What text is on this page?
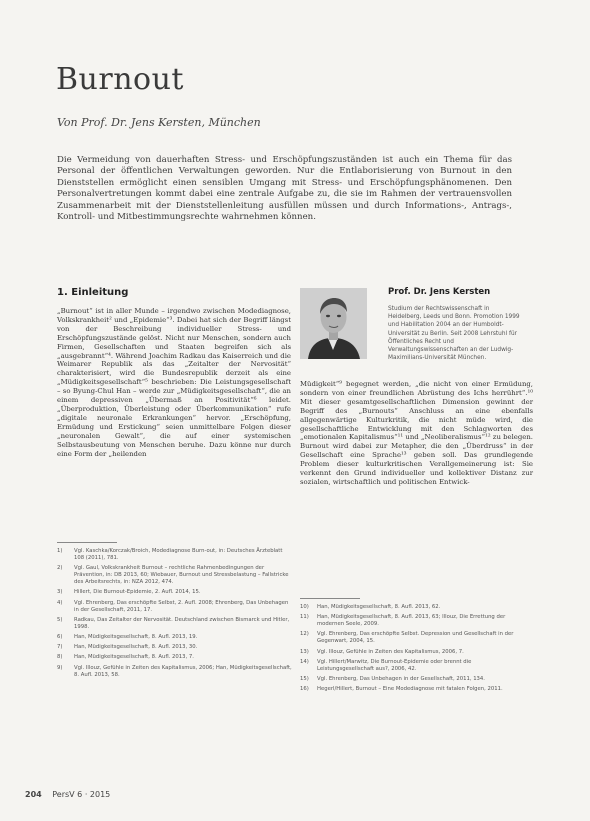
Burnout
Von Prof. Dr. Jens Kersten, München

Die Vermeidung von dauerhaften Stress- und Erschöpfungszuständen ist auch ein Thema für das Personal der öffentlichen Verwaltungen geworden. Nur die Entlaborisierung von Burnout in den Dienststellen ermöglicht einen sensiblen Umgang mit Stress- und Erschöpfungsphänomenen. Den Personalvertretungen kommt dabei eine zentrale Aufgabe zu, die sie im Rahmen der vertrauensvollen Zusammenarbeit mit der Dienststellenleitung ausfüllen müssen und durch Informations-, Antrags-, Kontroll- und Mitbestimmungsrechte wahrnehmen können.

1. Einleitung	Prof. Dr. Jens Kersten
Studium der Rechtswissenschaft in Heidelberg, Leeds und Bonn. Promotion 1999 und Habilitation 2004 an der Humboldt-Universität zu Berlin. Seit 2008 Lehrstuhl für Öffentliches Recht und Verwaltungswissenschaften an der Ludwig-Maximilians-Universität München.

„Burnout“ ist in aller Munde – irgendwo zwischen Modediagnose, Volkskrankheit² und „Epidemie“³. Dabei hat sich der Begriff längst von der Beschreibung individueller Stress- und Erschöpfungszustände gelöst. Nicht nur Menschen, sondern auch Firmen, Gesellschaften und Staaten begreifen sich als „ausgebrannt“⁴. Während Joachim Radkau das Kaiserreich und die Weimarer Republik als das „Zeitalter der Nervosität“ charakterisiert, wird die Bundesrepublik derzeit als eine „Müdigkeitsgesellschaft“⁵ beschrieben: Die Leistungsgesellschaft – so Byung-Chul Han – werde zur „Müdigkeitsgesellschaft“, die an einem depressiven „Übermaß an Positivität“⁶ leidet. „Überproduktion, Überleistung oder Überkommunikation“ rufe „digitale neuronale Erkrankungen“ hervor. „Erschöpfung, Ermüdung und Erstickung“ seien unmittelbare Folgen dieser „neuronalen Gewalt“, die auf einer systemischen Selbstausbeutung von Menschen beruhe. Dazu könne nur durch eine Form der „heilenden

Müdigkeit“⁹ begegnet werden, „die nicht von einer Ermüdung, sondern von einer freundlichen Abrüstung des Ichs herrührt“.¹⁰ Mit dieser gesamtgesellschaftlichen Dimension gewinnt der Begriff des „Burnouts“ Anschluss an eine ebenfalls allgegenwärtige Kulturkritik, die nicht müde wird, die gesellschaftliche Entwicklung mit den Schlagworten des „emotionalen Kapitalismus“¹¹ und „Neoliberalismus“¹² zu belegen. Burnout wird dabei zur Metapher, die den „Überdruss“ in der Gesellschaft eine Sprache¹³ geben soll. Das grundlegende Problem dieser kulturkritischen Verallgemeinerung ist: Sie verkennt den Grund individueller und kollektiver Distanz zur sozialen, wirtschaftlich und politischen Entwick-

1)	Vgl. Kaschka/Korczak/Broich, Modediagnose Burn-out, in: Deutsches Ärzteblatt 108 (2011), 781.
2)	Vgl. Gaul, Volkskrankheit Burnout – rechtliche Rahmenbedingungen der Prävention, in: DB 2013, 60; Wiebauer, Burnout und Stressbelastung – Fallstricke des Arbeitsrechts, in: NZA 2012, 474.
3)	Hillert, Die Burnout-Epidemie, 2. Aufl. 2014, 15.
4)	Vgl. Ehrenberg, Das erschöpfte Selbst, 2. Aufl. 2008; Ehrenberg, Das Unbehagen in der Gesellschaft, 2011, 17.
5)	Radkau, Das Zeitalter der Nervosität. Deutschland zwischen Bismarck und Hitler, 1998.
6)	Han, Müdigkeitsgesellschaft, 8. Aufl. 2013, 19.
7)	Han, Müdigkeitsgesellschaft, 8. Aufl. 2013, 30.
8)	Han, Müdigkeitsgesellschaft, 8. Aufl. 2013, 7.
9)	Vgl. Illouz, Gefühle in Zeiten des Kapitalismus, 2006; Han, Müdigkeitsgesellschaft, 8. Aufl. 2013, 58.
10)	Han, Müdigkeitsgesellschaft, 8. Aufl. 2013, 62.
11)	Han, Müdigkeitsgesellschaft, 8. Aufl. 2013, 63; Illouz, Die Errettung der modernen Seele, 2009.
12)	Vgl. Ehrenberg, Das erschöpfte Selbst. Depression und Gesellschaft in der Gegenwart, 2004, 15.
13)	Vgl. Illouz, Gefühle in Zeiten des Kapitalismus, 2006, 7.
14)	Vgl. Hillert/Marwitz, Die Burnout-Epidemie oder brennt die Leistungsgesellschaft aus?, 2006, 42.
15)	Vgl. Ehrenberg, Das Unbehagen in der Gesellschaft, 2011, 134.
16)	Hegerl/Hillert, Burnout – Eine Modediagnose mit fatalen Folgen, 2011.
204 PersV 6 · 2015
